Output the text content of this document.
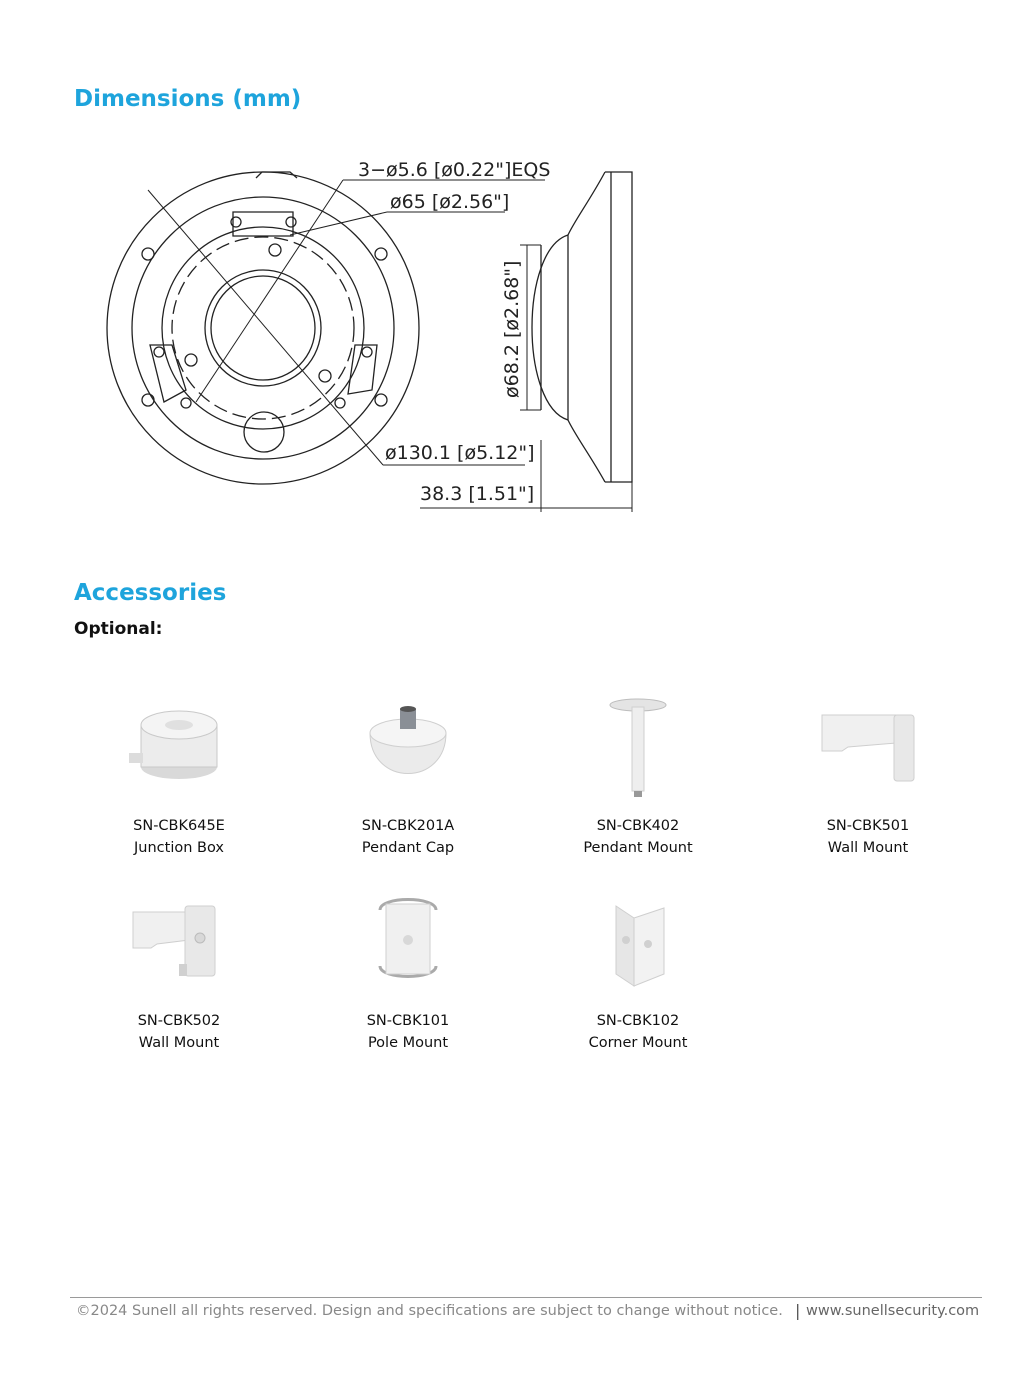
Dimensions (mm)
3−ø5.6 [ø0.22"]EQS
ø65 [ø2.56"]
ø130.1 [ø5.12"]
38.3 [1.51"]
ø68.2 [ø2.68"]
Accessories

Optional:

SN-CBK645E
Junction Box
SN-CBK201A
Pendant Cap
SN-CBK402
Pendant Mount
SN-CBK501
Wall Mount
SN-CBK502
Wall Mount
SN-CBK101
Pole Mount
SN-CBK102
Corner Mount
©2024 Sunell all rights reserved. Design and specifications are subject to change without notice. | www.sunellsecurity.com
